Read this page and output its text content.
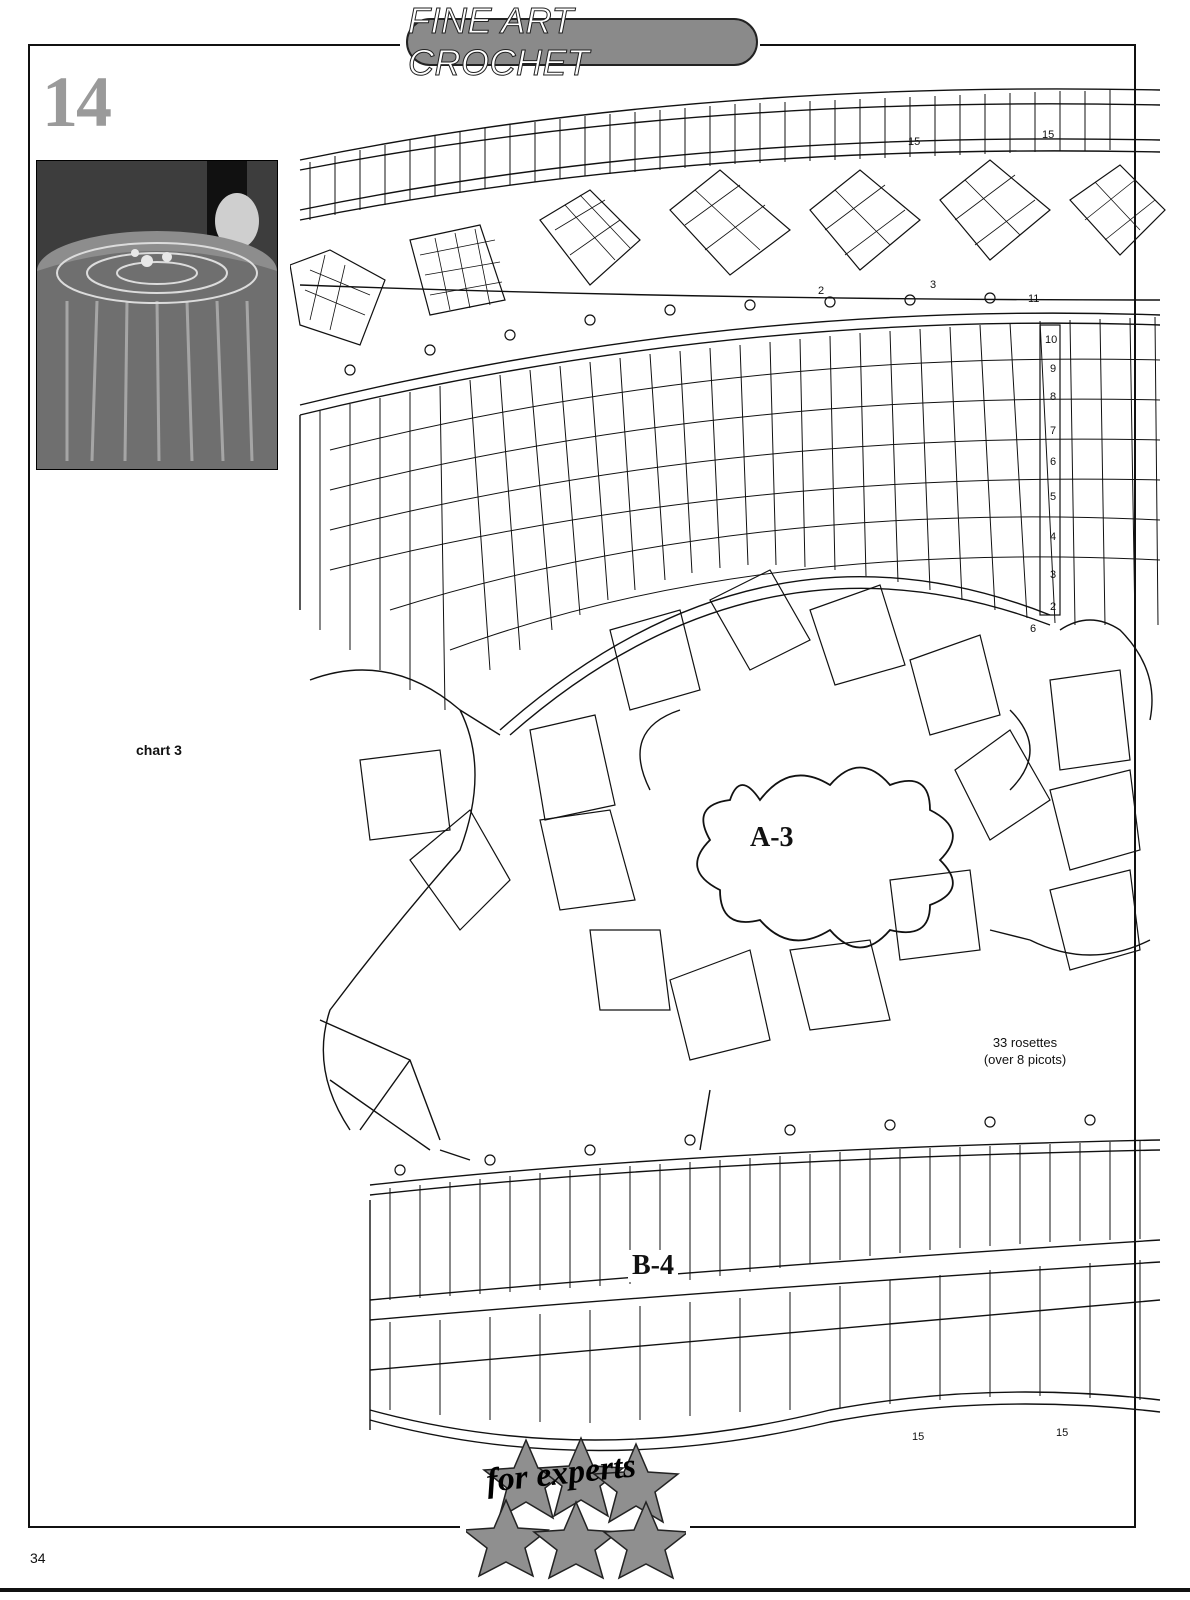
FINE ART CROCHET
14
chart 3
10
9
8
7
6
5
4
3
2
6
11
15
15
15	15
2	3
A-3
B-4
33 rosettes
(over 8 picots)
for experts
34
